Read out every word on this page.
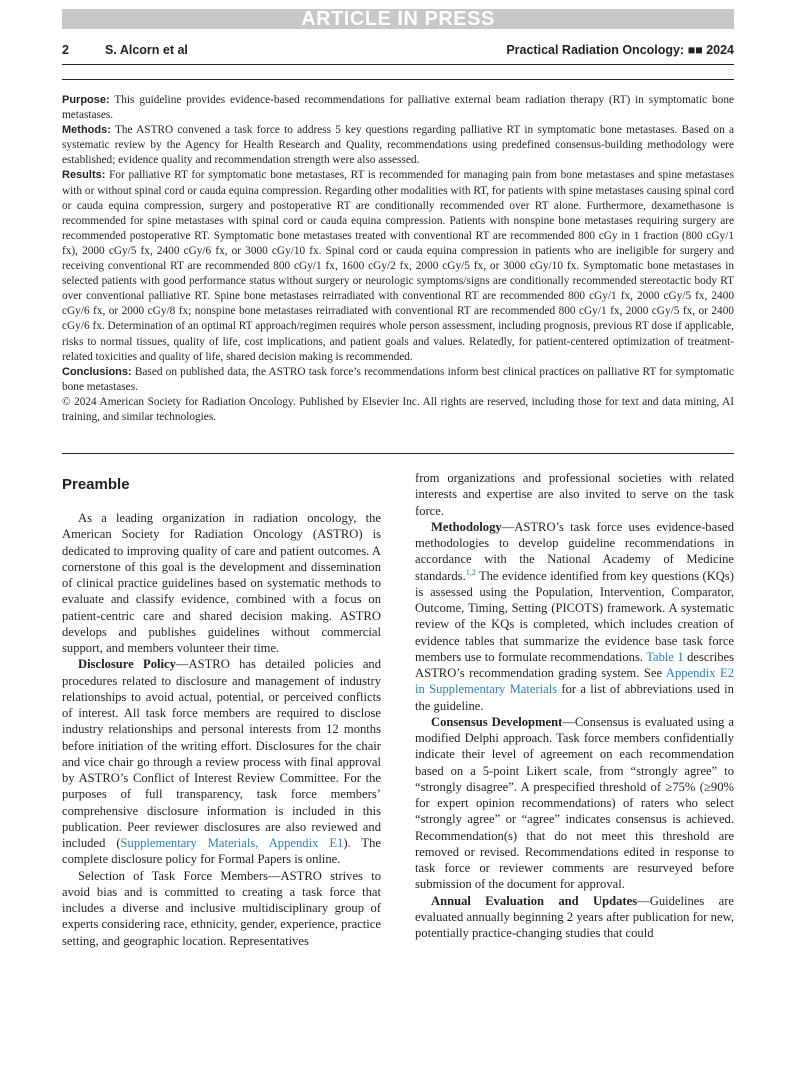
ARTICLE IN PRESS
2	S. Alcorn et al	Practical Radiation Oncology: ■■ 2024

Purpose: This guideline provides evidence-based recommendations for palliative external beam radiation therapy (RT) in symptomatic bone metastases.

Methods: The ASTRO convened a task force to address 5 key questions regarding palliative RT in symptomatic bone metastases. Based on a systematic review by the Agency for Health Research and Quality, recommendations using predefined consensus-building methodology were established; evidence quality and recommendation strength were also assessed.

Results: For palliative RT for symptomatic bone metastases, RT is recommended for managing pain from bone metastases and spine metastases with or without spinal cord or cauda equina compression. Regarding other modalities with RT, for patients with spine metastases causing spinal cord or cauda equina compression, surgery and postoperative RT are conditionally recommended over RT alone. Furthermore, dexamethasone is recommended for spine metastases with spinal cord or cauda equina compression. Patients with nonspine bone metastases requiring surgery are recommended postoperative RT. Symptomatic bone metastases treated with conventional RT are recommended 800 cGy in 1 fraction (800 cGy/1 fx), 2000 cGy/5 fx, 2400 cGy/6 fx, or 3000 cGy/10 fx. Spinal cord or cauda equina compression in patients who are ineligible for surgery and receiving conventional RT are recommended 800 cGy/1 fx, 1600 cGy/2 fx, 2000 cGy/5 fx, or 3000 cGy/10 fx. Symptomatic bone metastases in selected patients with good performance status without surgery or neurologic symptoms/signs are conditionally recommended stereotactic body RT over conventional palliative RT. Spine bone metastases reirradiated with conventional RT are recommended 800 cGy/1 fx, 2000 cGy/5 fx, 2400 cGy/6 fx, or 2000 cGy/8 fx; nonspine bone metastases reirradiated with conventional RT are recommended 800 cGy/1 fx, 2000 cGy/5 fx, or 2400 cGy/6 fx. Determination of an optimal RT approach/regimen requires whole person assessment, including prognosis, previous RT dose if applicable, risks to normal tissues, quality of life, cost implications, and patient goals and values. Relatedly, for patient-centered optimization of treatment-related toxicities and quality of life, shared decision making is recommended.

Conclusions: Based on published data, the ASTRO task force’s recommendations inform best clinical practices on palliative RT for symptomatic bone metastases.

© 2024 American Society for Radiation Oncology. Published by Elsevier Inc. All rights are reserved, including those for text and data mining, AI training, and similar technologies.

Preamble

As a leading organization in radiation oncology, the American Society for Radiation Oncology (ASTRO) is dedicated to improving quality of care and patient outcomes. A cornerstone of this goal is the development and dissemination of clinical practice guidelines based on systematic methods to evaluate and classify evidence, combined with a focus on patient-centric care and shared decision making. ASTRO develops and publishes guidelines without commercial support, and members volunteer their time.

Disclosure Policy—ASTRO has detailed policies and procedures related to disclosure and management of industry relationships to avoid actual, potential, or perceived conflicts of interest. All task force members are required to disclose industry relationships and personal interests from 12 months before initiation of the writing effort. Disclosures for the chair and vice chair go through a review process with final approval by ASTRO’s Conflict of Interest Review Committee. For the purposes of full transparency, task force members’ comprehensive disclosure information is included in this publication. Peer reviewer disclosures are also reviewed and included (Supplementary Materials, Appendix E1). The complete disclosure policy for Formal Papers is online.

Selection of Task Force Members—ASTRO strives to avoid bias and is committed to creating a task force that includes a diverse and inclusive multidisciplinary group of experts considering race, ethnicity, gender, experience, practice setting, and geographic location. Representatives

from organizations and professional societies with related interests and expertise are also invited to serve on the task force.

Methodology—ASTRO’s task force uses evidence-based methodologies to develop guideline recommendations in accordance with the National Academy of Medicine standards.$^{1,2}$ The evidence identified from key questions (KQs) is assessed using the Population, Intervention, Comparator, Outcome, Timing, Setting (PICOTS) framework. A systematic review of the KQs is completed, which includes creation of evidence tables that summarize the evidence base task force members use to formulate recommendations. Table 1 describes ASTRO’s recommendation grading system. See Appendix E2 in Supplementary Materials for a list of abbreviations used in the guideline.

Consensus Development—Consensus is evaluated using a modified Delphi approach. Task force members confidentially indicate their level of agreement on each recommendation based on a 5-point Likert scale, from “strongly agree” to “strongly disagree”. A prespecified threshold of ≥75% (≥90% for expert opinion recommendations) of raters who select “strongly agree” or “agree” indicates consensus is achieved. Recommendation(s) that do not meet this threshold are removed or revised. Recommendations edited in response to task force or reviewer comments are resurveyed before submission of the document for approval.

Annual Evaluation and Updates—Guidelines are evaluated annually beginning 2 years after publication for new, potentially practice-changing studies that could
